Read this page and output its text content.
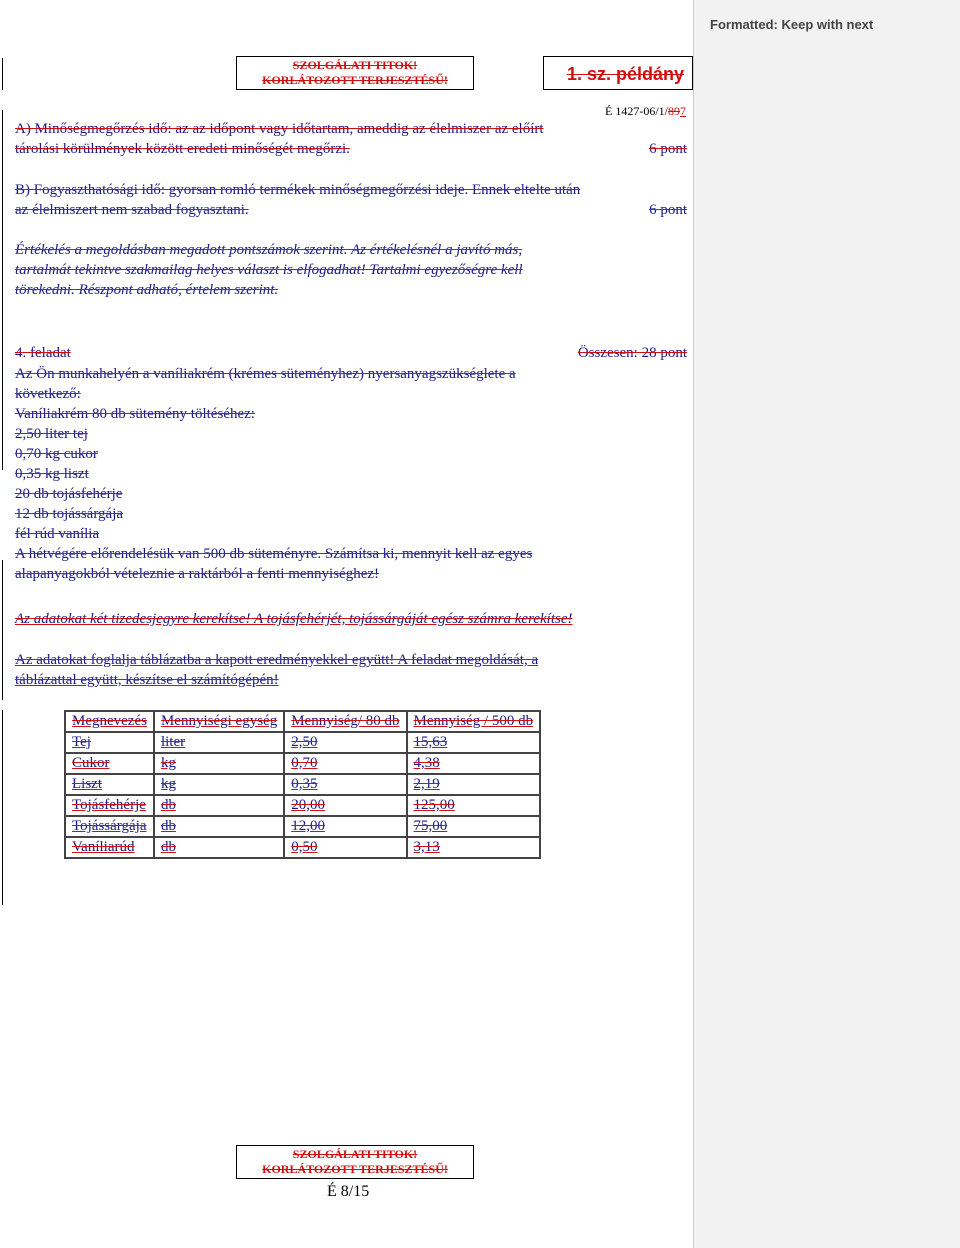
Formatted: Keep with next
SZOLGÁLATI TITOK!
KORLÁTOZOTT TERJESZTÉSŰ!	1. sz. példány
É 1427-06/1/897
A) Minőségmegőrzés idő: az az időpont vagy időtartam, ameddig az élelmiszer az előírt
tárolási körülmények között eredeti minőségét megőrzi.	6 pont
B) Fogyaszthatósági idő: gyorsan romló termékek minőségmegőrzési ideje. Ennek eltelte után
az élelmiszert nem szabad fogyasztani.	6 pont
Értékelés a megoldásban megadott pontszámok szerint. Az értékelésnél a javító más,
tartalmát tekintve szakmailag helyes választ is elfogadhat! Tartalmi egyezőségre kell
törekedni. Részpont adható, értelem szerint.
4. feladat	Összesen: 28 pont
Az Ön munkahelyén a vaníliakrém (krémes süteményhez) nyersanyagszükséglete a
következő:
Vaníliakrém 80 db sütemény töltéséhez:
2,50 liter tej
0,70 kg cukor
0,35 kg liszt
20 db tojásfehérje
12 db tojássárgája
fél rúd vanília
A hétvégére előrendelésük van 500 db süteményre. Számítsa ki, mennyit kell az egyes
alapanyagokból vételeznie a raktárból a fenti mennyiséghez!
Az adatokat két tizedesjegyre kerekítse! A tojásfehérjét, tojássárgáját egész számra kerekítse!
Az adatokat foglalja táblázatba a kapott eredményekkel együtt! A feladat megoldását, a
táblázattal együtt, készítse el számítógépén!
Megnevezés	Mennyiségi egység	Mennyiség/ 80 db	Mennyiség / 500 db
Tej	liter	2,50	15,63
Cukor	kg	0,70	4,38
Liszt	kg	0,35	2,19
Tojásfehérje	db	20,00	125,00
Tojássárgája	db	12,00	75,00
Vaníliarúd	db	0,50	3,13
SZOLGÁLATI TITOK!
KORLÁTOZOTT TERJESZTÉSŰ!
É 8/15
